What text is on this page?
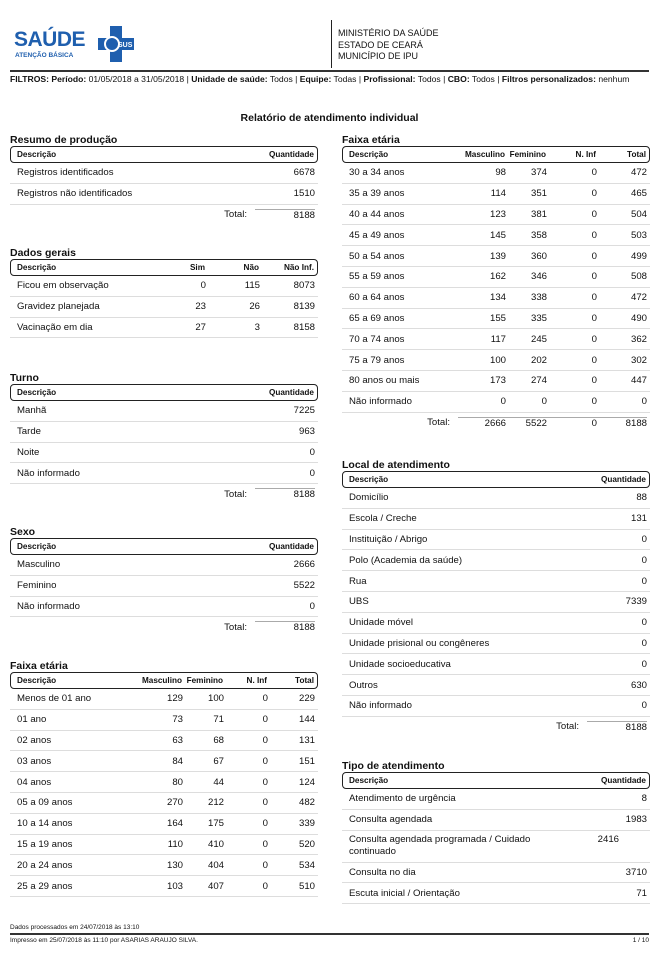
SAÚDE
ATENÇÃO BÁSICA
SUS
MINISTÉRIO DA SAÚDE
ESTADO DE CEARÁ
MUNICÍPIO DE IPU
FILTROS: Período: 01/05/2018 a 31/05/2018 | Unidade de saúde: Todos | Equipe: Todas | Profissional: Todos | CBO: Todos | Filtros personalizados: nenhum
Relatório de atendimento individual
Resumo de produção
Descrição	Quantidade
Registros identificados	6678
Registros não identificados	1510
Total:	8188
Dados gerais
Descrição	Sim	Não	Não Inf.
Ficou em observação	0	115	8073
Gravidez planejada	23	26	8139
Vacinação em dia	27	3	8158
Turno
Descrição	Quantidade
Manhã	7225
Tarde	963
Noite	0
Não informado	0
Total:	8188
Sexo
Descrição	Quantidade
Masculino	2666
Feminino	5522
Não informado	0
Total:	8188
Faixa etária
Descrição	Masculino Feminino	N. Inf	Total
Menos de 01 ano	129	100	0	229
01 ano	73	71	0	144
02 anos	63	68	0	131
03 anos	84	67	0	151
04 anos	80	44	0	124
05 a 09 anos	270	212	0	482
10 a 14 anos	164	175	0	339
15 a 19 anos	110	410	0	520
20 a 24 anos	130	404	0	534
25 a 29 anos	103	407	0	510
Faixa etária
Descrição	Masculino Feminino	N. Inf	Total
30 a 34 anos	98	374	0	472
35 a 39 anos	114	351	0	465
40 a 44 anos	123	381	0	504
45 a 49 anos	145	358	0	503
50 a 54 anos	139	360	0	499
55 a 59 anos	162	346	0	508
60 a 64 anos	134	338	0	472
65 a 69 anos	155	335	0	490
70 a 74 anos	117	245	0	362
75 a 79 anos	100	202	0	302
80 anos ou mais	173	274	0	447
Não informado	0	0	0	0
Total:	2666	5522	0	8188
Local de atendimento
Descrição	Quantidade
Domicílio	88
Escola / Creche	131
Instituição / Abrigo	0
Polo (Academia da saúde)	0
Rua	0
UBS	7339
Unidade móvel	0
Unidade prisional ou congêneres	0
Unidade socioeducativa	0
Outros	630
Não informado	0
Total:	8188
Tipo de atendimento
Descrição	Quantidade
Atendimento de urgência	8
Consulta agendada	1983
Consulta agendada programada / Cuidado continuado
2416
Consulta no dia	3710
Escuta inicial / Orientação	71
Dados processados em 24/07/2018 às 13:10
Impresso em 25/07/2018 às 11:10 por ASARIAS ARAUJO SILVA.	1 / 10
